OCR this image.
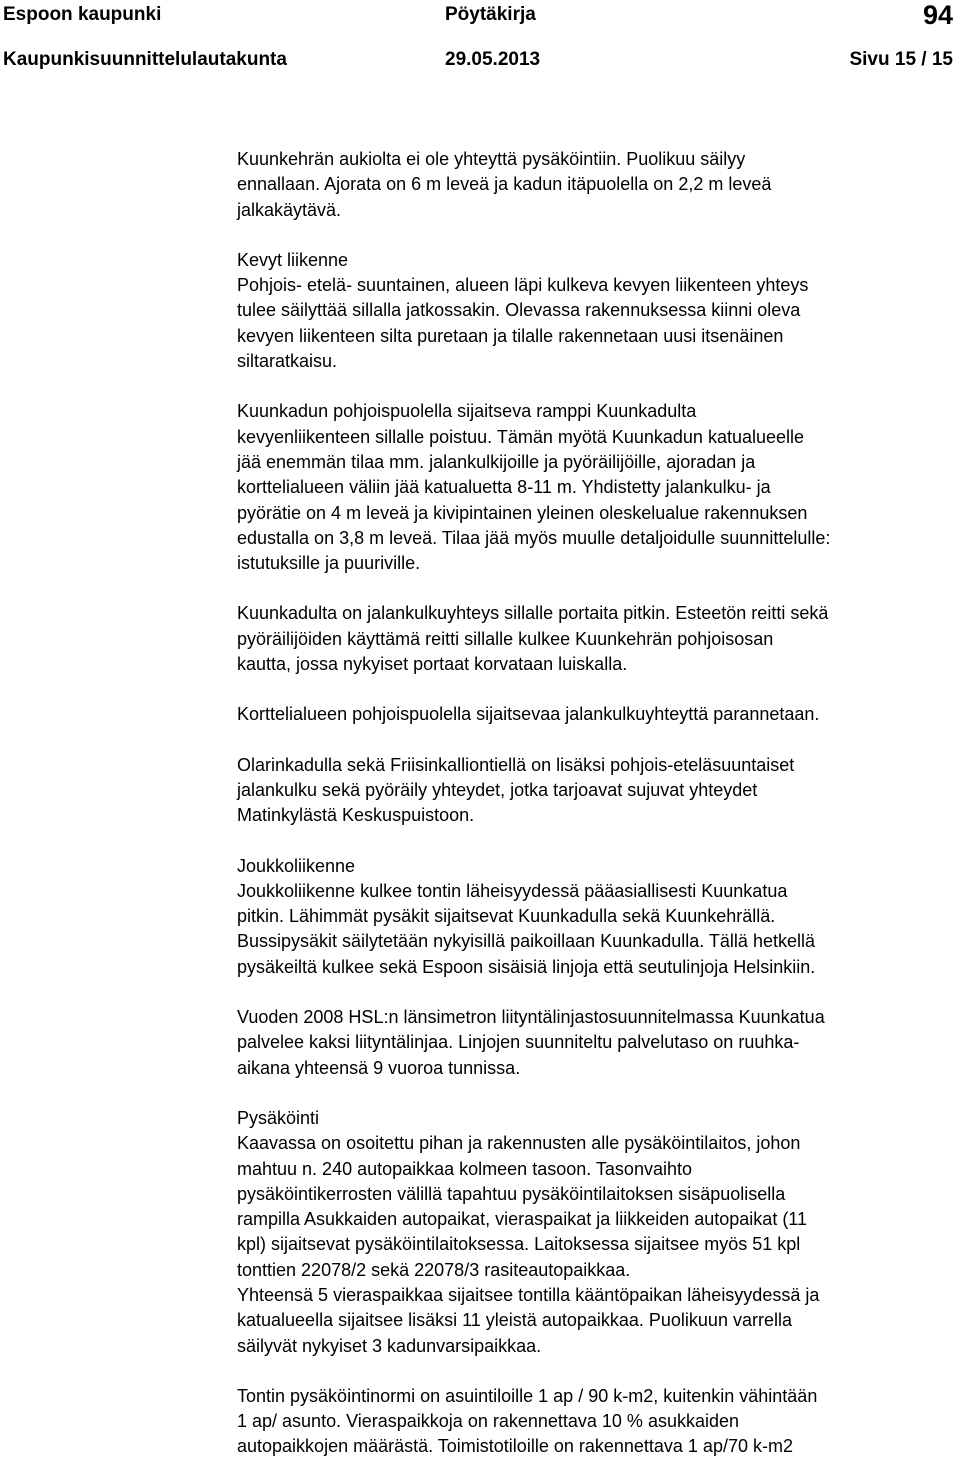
Espoon kaupunki	Pöytäkirja	94
Kaupunkisuunnittelulautakunta	29.05.2013	Sivu 15 / 15

Kuunkehrän aukiolta ei ole yhteyttä pysäköintiin. Puolikuu säilyy
ennallaan. Ajorata on 6 m leveä ja kadun itäpuolella on 2,2 m leveä
jalkakäytävä.

Kevyt liikenne
Pohjois- etelä- suuntainen, alueen läpi kulkeva kevyen liikenteen yhteys
tulee säilyttää sillalla jatkossakin. Olevassa rakennuksessa kiinni oleva
kevyen liikenteen silta puretaan ja tilalle rakennetaan uusi itsenäinen
siltaratkaisu.

Kuunkadun pohjoispuolella sijaitseva ramppi Kuunkadulta
kevyenliikenteen sillalle poistuu. Tämän myötä Kuunkadun katualueelle
jää enemmän tilaa mm. jalankulkijoille ja pyöräilijöille, ajoradan ja
korttelialueen väliin jää katualuetta 8-11 m. Yhdistetty jalankulku- ja
pyörätie on 4 m leveä ja kivipintainen yleinen oleskelualue rakennuksen
edustalla on 3,8 m leveä. Tilaa jää myös muulle detaljoidulle suunnittelulle:
istutuksille ja puuriville.

Kuunkadulta on jalankulkuyhteys sillalle portaita pitkin. Esteetön reitti sekä
pyöräilijöiden käyttämä reitti sillalle kulkee Kuunkehrän pohjoisosan
kautta, jossa nykyiset portaat korvataan luiskalla.

Korttelialueen pohjoispuolella sijaitsevaa jalankulkuyhteyttä parannetaan.

Olarinkadulla sekä Friisinkalliontiellä on lisäksi pohjois-eteläsuuntaiset
jalankulku sekä pyöräily yhteydet, jotka tarjoavat sujuvat yhteydet
Matinkylästä Keskuspuistoon.

Joukkoliikenne
Joukkoliikenne kulkee tontin läheisyydessä pääasiallisesti Kuunkatua
pitkin. Lähimmät pysäkit sijaitsevat Kuunkadulla sekä Kuunkehrällä.
Bussipysäkit säilytetään nykyisillä paikoillaan Kuunkadulla. Tällä hetkellä
pysäkeiltä kulkee sekä Espoon sisäisiä linjoja että seutulinjoja Helsinkiin.

Vuoden 2008 HSL:n länsimetron liityntälinjastosuunnitelmassa Kuunkatua
palvelee kaksi liityntälinjaa. Linjojen suunniteltu palvelutaso on ruuhka-
aikana yhteensä 9 vuoroa tunnissa.

Pysäköinti
Kaavassa on osoitettu pihan ja rakennusten alle pysäköintilaitos, johon
mahtuu n. 240 autopaikkaa kolmeen tasoon. Tasonvaihto
pysäköintikerrosten välillä tapahtuu pysäköintilaitoksen sisäpuolisella
rampilla Asukkaiden autopaikat, vieraspaikat ja liikkeiden autopaikat (11
kpl) sijaitsevat pysäköintilaitoksessa. Laitoksessa sijaitsee myös 51 kpl
tonttien 22078/2 sekä 22078/3 rasiteautopaikkaa.
Yhteensä 5 vieraspaikkaa sijaitsee tontilla kääntöpaikan läheisyydessä ja
katualueella sijaitsee lisäksi 11 yleistä autopaikkaa. Puolikuun varrella
säilyvät nykyiset 3 kadunvarsipaikkaa.

Tontin pysäköintinormi on asuintiloille 1 ap / 90 k-m2, kuitenkin vähintään
1 ap/ asunto. Vieraspaikkoja on rakennettava 10 % asukkaiden
autopaikkojen määrästä. Toimistotiloille on rakennettava 1 ap/70 k-m2
